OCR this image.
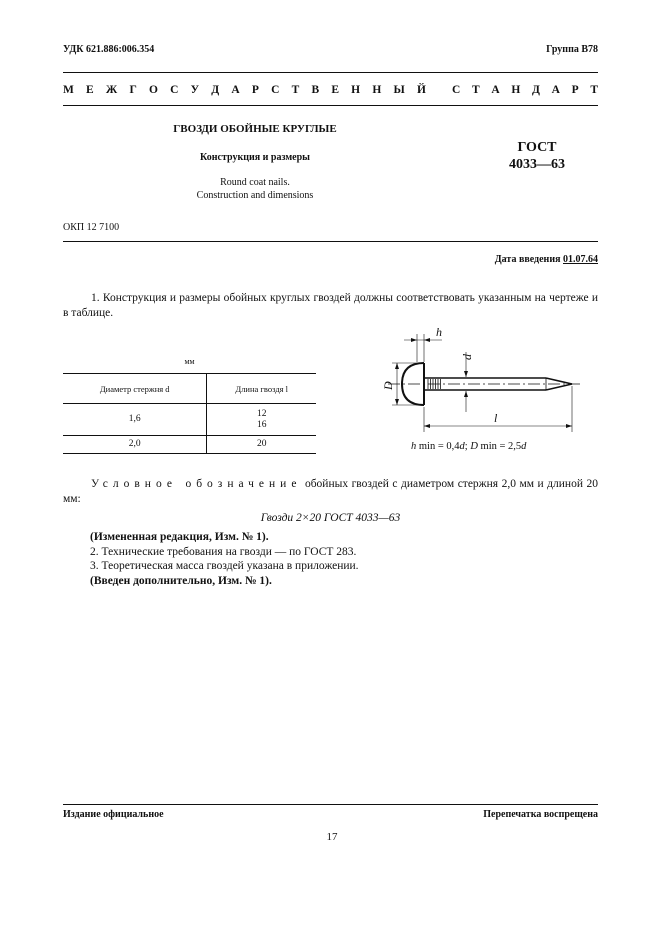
УДК 621.886:006.354	Группа В78
М Е Ж Г О С У Д А Р С Т В Е Н Н Ы Й С Т А Н Д А Р Т
ГВОЗДИ ОБОЙНЫЕ КРУГЛЫЕ
Конструкция и размеры
Round coat nails.
Construction and dimensions
ГОСТ
4033—63
ОКП 12 7100
Дата введения 01.07.64
1. Конструкция и размеры обойных круглых гвоздей должны соответствовать указанным на чертеже и в таблице.
мм
Диаметр стержня d	Длина гвоздя l
1,6	12
16

2,0	20
h
d
D
l
h min = 0,4d; D min = 2,5d
Условное обозначение обойных гвоздей с диаметром стержня 2,0 мм и длиной 20 мм:
Гвозди 2×20 ГОСТ 4033—63
(Измененная редакция, Изм. № 1).
2. Технические требования на гвозди — по ГОСТ 283.
3. Теоретическая масса гвоздей указана в приложении.
(Введен дополнительно, Изм. № 1).
Издание официальное	Перепечатка воспрещена
17
